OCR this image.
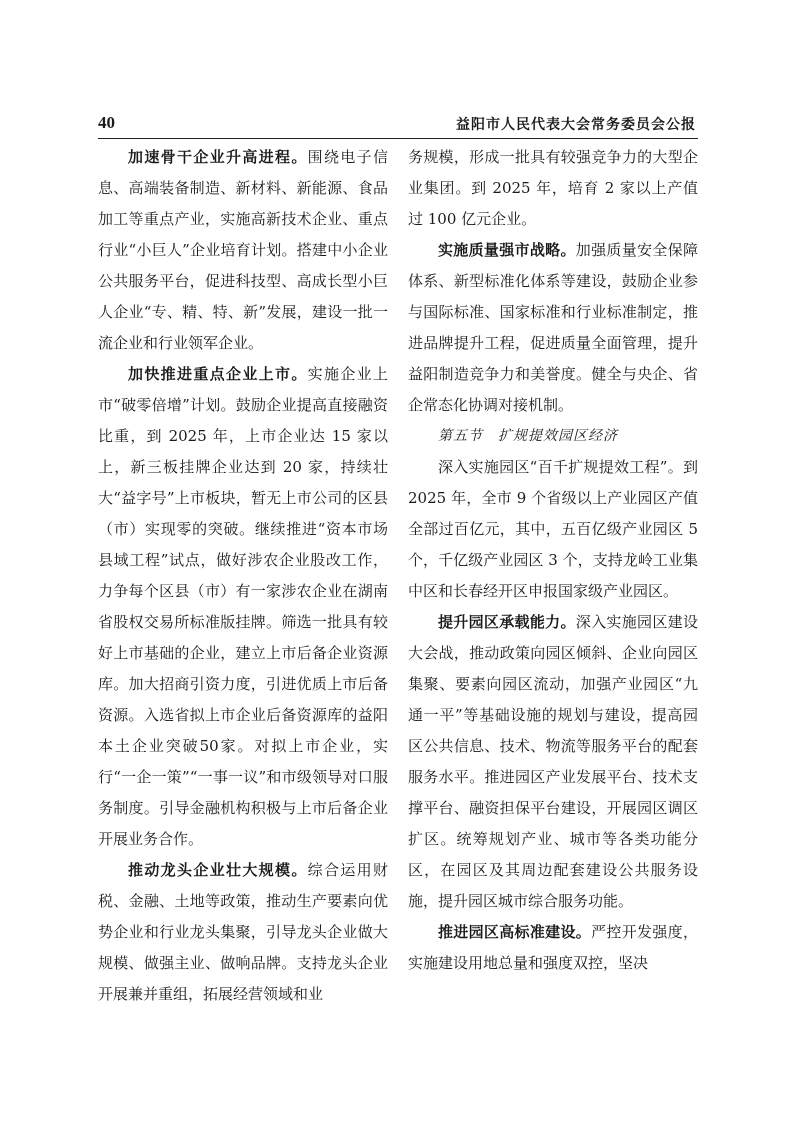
40	益阳市人民代表大会常务委员会公报

加速骨干企业升高进程。围绕电子信息、高端装备制造、新材料、新能源、食品加工等重点产业，实施高新技术企业、重点行业“小巨人”企业培育计划。搭建中小企业公共服务平台，促进科技型、高成长型小巨人企业“专、精、特、新”发展，建设一批一流企业和行业领军企业。

加快推进重点企业上市。实施企业上市“破零倍增”计划。鼓励企业提高直接融资比重，到 2025 年，上市企业达 15 家以上，新三板挂牌企业达到 20 家，持续壮大“益字号”上市板块，暂无上市公司的区县（市）实现零的突破。继续推进“资本市场县域工程”试点，做好涉农企业股改工作，力争每个区县（市）有一家涉农企业在湖南省股权交易所标准版挂牌。筛选一批具有较好上市基础的企业，建立上市后备企业资源库。加大招商引资力度，引进优质上市后备资源。入选省拟上市企业后备资源库的益阳本土企业突破50家。对拟上市企业，实行“一企一策”“一事一议”和市级领导对口服务制度。引导金融机构积极与上市后备企业开展业务合作。

推动龙头企业壮大规模。综合运用财税、金融、土地等政策，推动生产要素向优势企业和行业龙头集聚，引导龙头企业做大规模、做强主业、做响品牌。支持龙头企业开展兼并重组，拓展经营领域和业

务规模，形成一批具有较强竞争力的大型企业集团。到 2025 年，培育 2 家以上产值过 100 亿元企业。

实施质量强市战略。加强质量安全保障体系、新型标准化体系等建设，鼓励企业参与国际标准、国家标准和行业标准制定，推进品牌提升工程，促进质量全面管理，提升益阳制造竞争力和美誉度。健全与央企、省企常态化协调对接机制。

第五节　扩规提效园区经济

深入实施园区“百千扩规提效工程”。到 2025 年，全市 9 个省级以上产业园区产值全部过百亿元，其中，五百亿级产业园区 5 个，千亿级产业园区 3 个，支持龙岭工业集中区和长春经开区申报国家级产业园区。

提升园区承载能力。深入实施园区建设大会战，推动政策向园区倾斜、企业向园区集聚、要素向园区流动，加强产业园区“九通一平”等基础设施的规划与建设，提高园区公共信息、技术、物流等服务平台的配套服务水平。推进园区产业发展平台、技术支撑平台、融资担保平台建设，开展园区调区扩区。统筹规划产业、城市等各类功能分区，在园区及其周边配套建设公共服务设施，提升园区城市综合服务功能。

推进园区高标准建设。严控开发强度，实施建设用地总量和强度双控，坚决
